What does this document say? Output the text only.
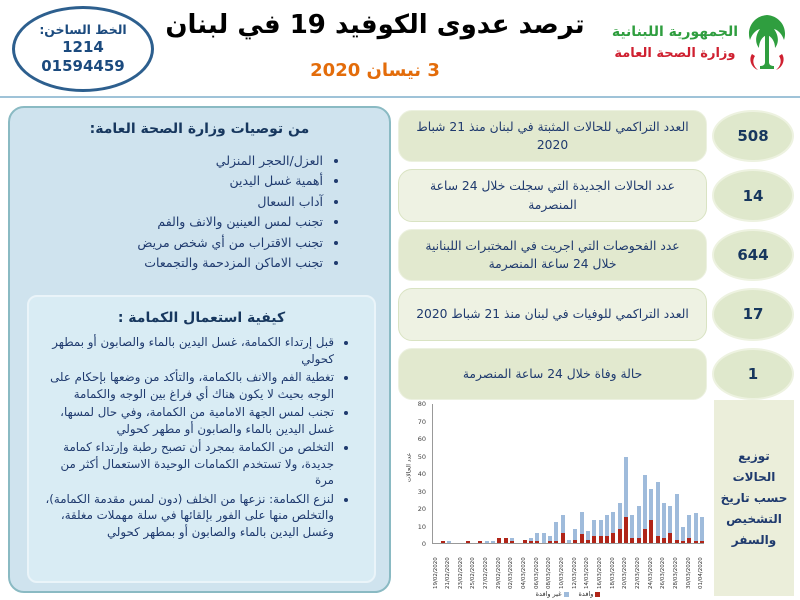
الخط الساخن:
1214
01594459
ترصد عدوى الكوفيد 19 في لبنان
3 نيسان 2020
الجمهورية اللبنانية
وزارة الصحة العامة
من توصيات وزارة الصحة العامة:
• العزل/الحجر المنزلي
• أهمية غسل اليدين
• آداب السعال
• تجنب لمس العينين والانف والفم
• تجنب الاقتراب من أي شخص مريض
• تجنب الاماكن المزدحمة والتجمعات
كيفية استعمال الكمامة :
• قبل إرتداء الكمامة، غسل اليدين بالماء والصابون أو بمطهر كحولي
• تغطية الفم والانف بالكمامة، والتأكد من وضعها بإحكام على الوجه بحيث لا يكون هناك أي فراغ بين الوجه والكمامة
• تجنب لمس الجهة الامامية من الكمامة، وفي حال لمسها، غسل اليدين بالماء والصابون أو مطهر كحولي
• التخلص من الكمامة بمجرد أن تصبح رطبة وإرتداء كمامة جديدة، ولا تستخدم الكمامات الوحيدة الاستعمال أكثر من مرة
• لنزع الكمامة: نزعها من الخلف (دون لمس مقدمة الكمامة)، والتخلص منها على الفور بإلقائها في سلة مهملات مغلقة، وغسل اليدين بالماء والصابون أو بمطهر كحولي
508
العدد التراكمي للحالات المثبتة في لبنان منذ 21 شباط 2020
14
عدد الحالات الجديدة التي سجلت خلال 24 ساعة المنصرمة
644
عدد الفحوصات التي اجريت في المختبرات اللبنانية خلال 24 ساعة المنصرمة
17
العدد التراكمي للوفيات في لبنان منذ 21 شباط 2020
1
حالة وفاة خلال 24 ساعة المنصرمة
عدد الحالات
0
10
20
30
40
50
60
70
80
19/02/2020 21/02/2020 23/02/2020 25/02/2020 27/02/2020 29/02/2020 02/03/2020 04/03/2020 06/03/2020 08/03/2020 10/03/2020 12/03/2020 14/03/2020 16/03/2020 18/03/2020 20/03/2020 22/03/2020 24/03/2020 26/03/2020 28/03/2020 30/03/2020 01/04/2020
وافدة
غير وافدة
توزيع الحالات حسب تاريخ التشخيص والسفر
